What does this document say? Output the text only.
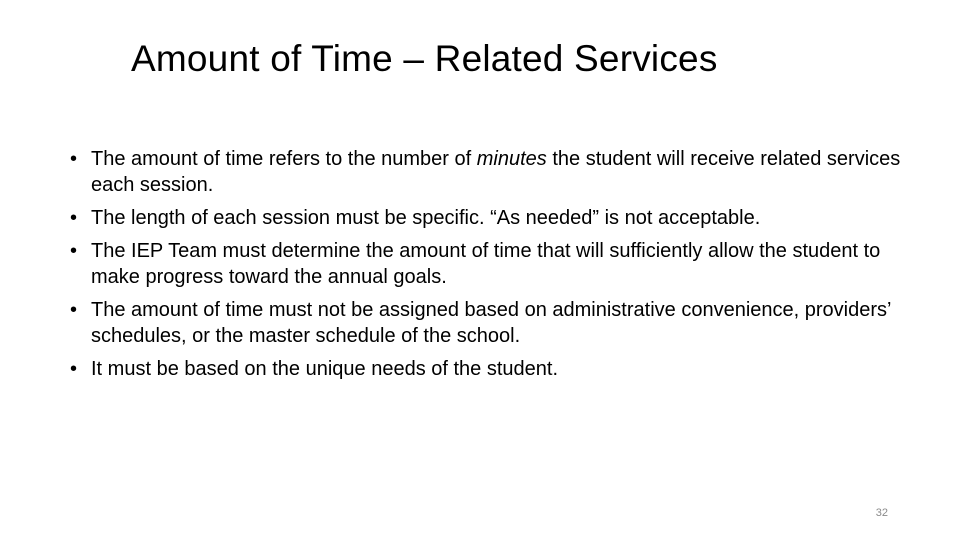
Amount of Time – Related Services
• The amount of time refers to the number of minutes the student will receive related services each session.
• The length of each session must be specific. “As needed” is not acceptable.
• The IEP Team must determine the amount of time that will sufficiently allow the student to make progress toward the annual goals.
• The amount of time must not be assigned based on administrative convenience, providers’ schedules, or the master schedule of the school.
• It must be based on the unique needs of the student.
32
